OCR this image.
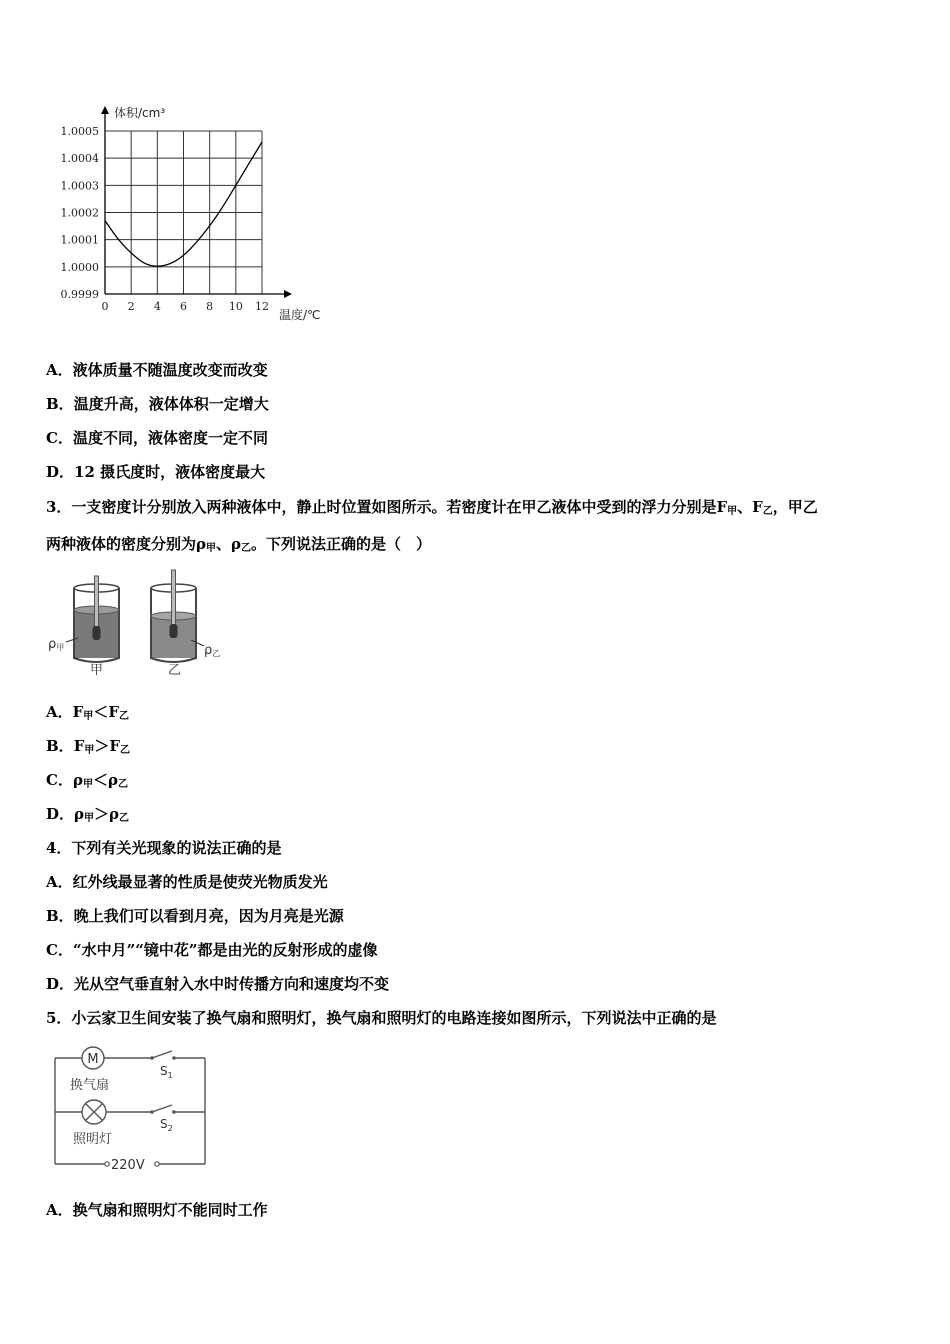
0.9999
1.0000
1.0001
1.0002
1.0003
1.0004
1.0005
0 2 4 6 8 10 12
体积/cm³
温度/℃
A．液体质量不随温度改变而改变
B．温度升高，液体体积一定增大
C．温度不同，液体密度一定不同
D．12 摄氏度时，液体密度最大
3．一支密度计分别放入两种液体中，静止时位置如图所示。若密度计在甲乙液体中受到的浮力分别是$F_甲$、$F_乙$，甲乙
两种液体的密度分别为$\rho_甲$、$\rho_乙$。下列说法正确的是（　）
ρ甲
甲
ρ乙
乙
A．$F_甲<F_乙$
B．$F_甲>F_乙$
C．$\rho_甲<\rho_乙$
D．$\rho_甲>\rho_乙$
4．下列有关光现象的说法正确的是
A．红外线最显著的性质是使荧光物质发光
B．晚上我们可以看到月亮，因为月亮是光源
C．“水中月”“镜中花”都是由光的反射形成的虚像
D．光从空气垂直射入水中时传播方向和速度均不变
5．小云家卫生间安装了换气扇和照明灯，换气扇和照明灯的电路连接如图所示，下列说法中正确的是
M
换气扇
$S_1$
照明灯
$S_2$
220V
A．换气扇和照明灯不能同时工作
